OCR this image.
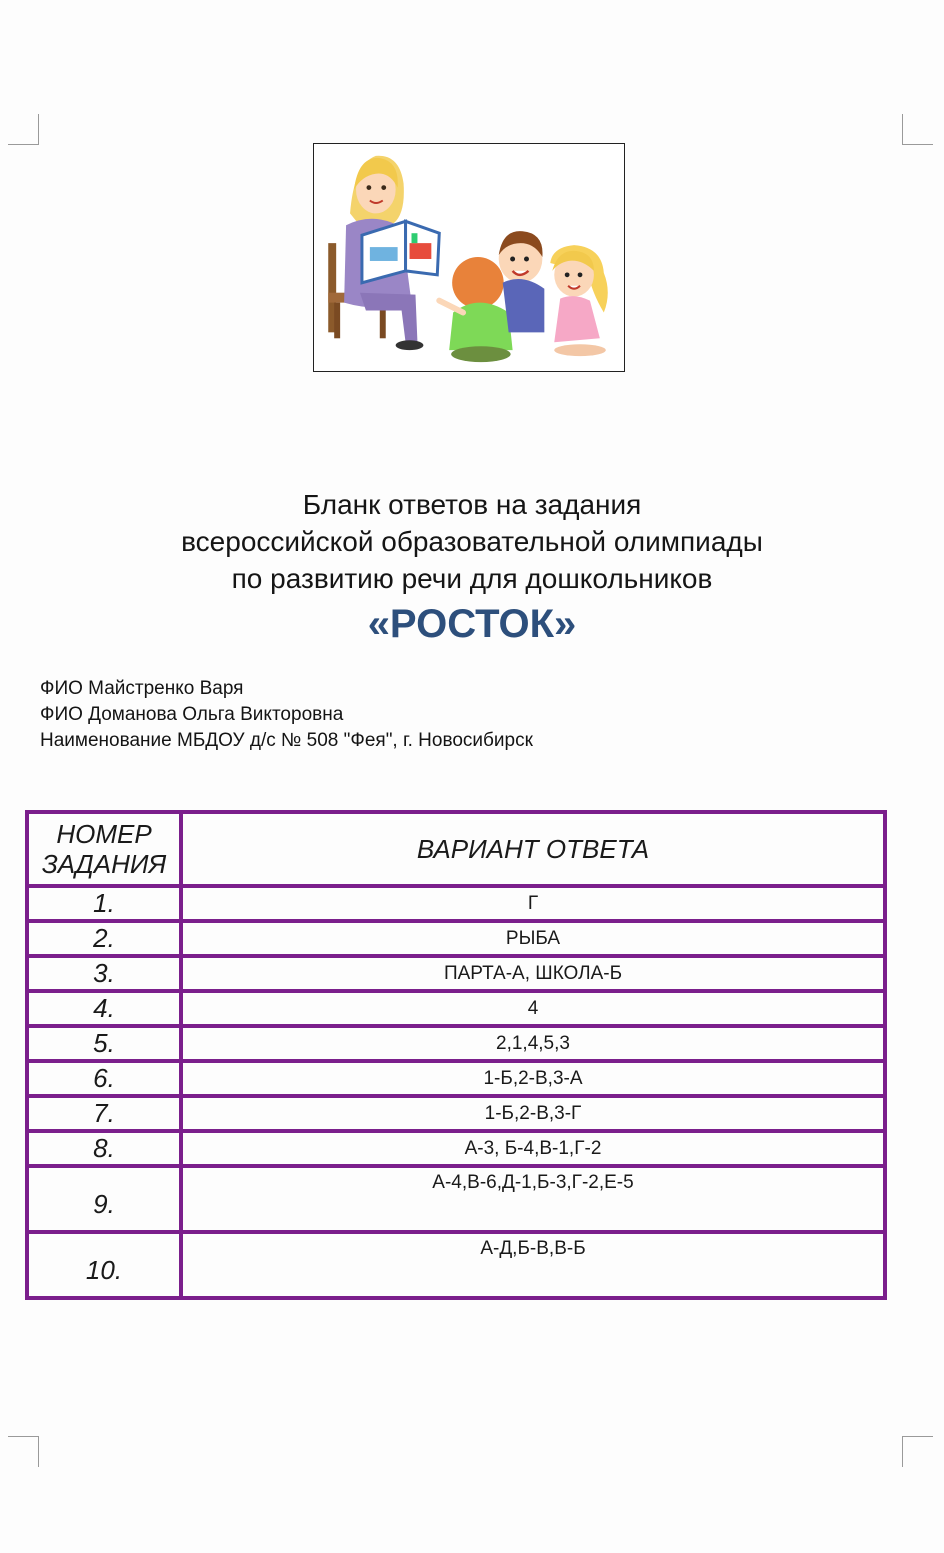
Бланк ответов на задания
всероссийской образовательной олимпиады
по развитию речи для дошкольников
«РОСТОК»
ФИО Майстренко Варя
ФИО Доманова Ольга Викторовна
Наименование МБДОУ д/с № 508 "Фея", г. Новосибирск
НОМЕР ЗАДАНИЯ	ВАРИАНТ ОТВЕТА
1.	Г
2.	РЫБА
3.	ПАРТА-А, ШКОЛА-Б
4.	4
5.	2,1,4,5,3
6.	1-Б,2-В,3-А
7.	1-Б,2-В,3-Г
8.	А-3, Б-4,В-1,Г-2
9.	А-4,В-6,Д-1,Б-3,Г-2,Е-5
10.	А-Д,Б-В,В-Б
